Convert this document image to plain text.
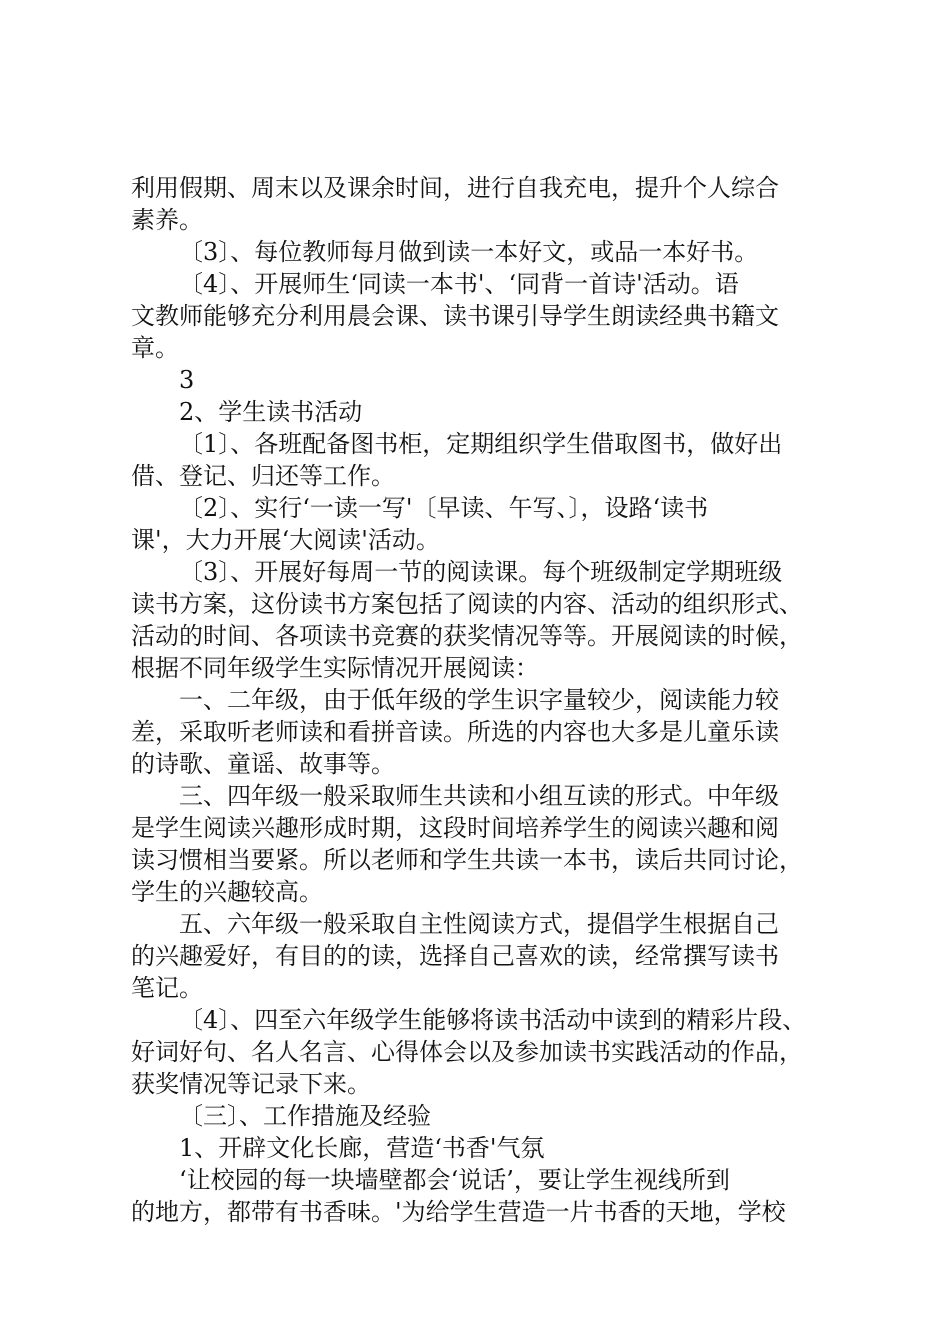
利用假期、周末以及课余时间，进行自我充电，提升个人综合
素养。
〔3〕、每位教师每月做到读一本好文，或品一本好书。
〔4〕、开展师生‘同读一本书'、‘同背一首诗'活动。语
文教师能够充分利用晨会课、读书课引导学生朗读经典书籍文
章。
3
2、学生读书活动
〔1〕、各班配备图书柜，定期组织学生借取图书，做好出
借、登记、归还等工作。
〔2〕、实行‘一读一写'〔早读、午写、〕，设路‘读书
课'，大力开展‘大阅读'活动。
〔3〕、开展好每周一节的阅读课。每个班级制定学期班级
读书方案，这份读书方案包括了阅读的内容、活动的组织形式、
活动的时间、各项读书竞赛的获奖情况等等。开展阅读的时候，
根据不同年级学生实际情况开展阅读：
一、二年级，由于低年级的学生识字量较少，阅读能力较
差，采取听老师读和看拼音读。所选的内容也大多是儿童乐读
的诗歌、童谣、故事等。
三、四年级一般采取师生共读和小组互读的形式。中年级
是学生阅读兴趣形成时期，这段时间培养学生的阅读兴趣和阅
读习惯相当要紧。所以老师和学生共读一本书，读后共同讨论，
学生的兴趣较高。
五、六年级一般采取自主性阅读方式，提倡学生根据自己
的兴趣爱好，有目的的读，选择自己喜欢的读，经常撰写读书
笔记。
〔4〕、四至六年级学生能够将读书活动中读到的精彩片段、
好词好句、名人名言、心得体会以及参加读书实践活动的作品，
获奖情况等记录下来。
〔三〕、工作措施及经验
1、开辟文化长廊，营造‘书香'气氛
‘让校园的每一块墙壁都会‘说话’，要让学生视线所到
的地方，都带有书香味。'为给学生营造一片书香的天地，学校
